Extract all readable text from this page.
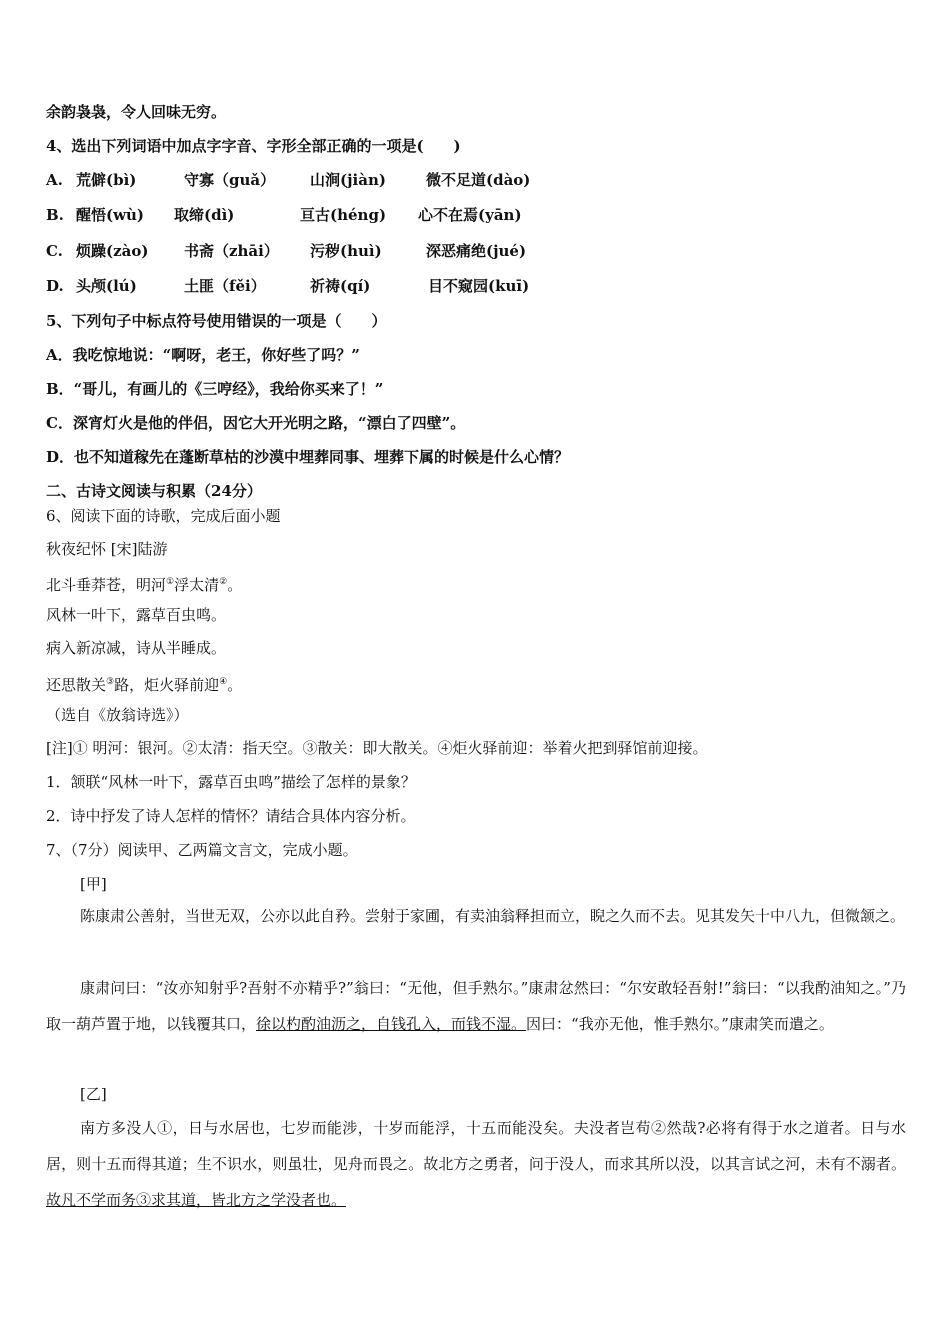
余韵袅袅，令人回味无穷。
4、选出下列词语中加点字字音、字形全部正确的一项是(　　)
A. 荒僻(bì)	守寡（guǎ） 山涧(jiàn)	微不足道(dào)
B. 醒悟(wù) 取缔(dì)	亘古(héng) 心不在焉(yān)
C. 烦躁(zào) 书斋（zhāi） 污秽(huì)	深恶痛绝(jué)
D. 头颅(lú)	土匪（fěi）	祈祷(qí)	目不窥园(kuī)
5、下列句子中标点符号使用错误的一项是（　　）
A．我吃惊地说：“啊呀，老王，你好些了吗？”
B．“哥儿，有画儿的《三哼经》，我给你买来了！”
C．深宵灯火是他的伴侣，因它大开光明之路，“漂白了四壁”。
D．也不知道稼先在蓬断草枯的沙漠中埋葬同事、埋葬下属的时候是什么心情？
二、古诗文阅读与积累（24分）
6、阅读下面的诗歌，完成后面小题
秋夜纪怀 [宋]陆游
北斗垂莽苍，明河①浮太清②。
风林一叶下，露草百虫鸣。
病入新凉减，诗从半睡成。
还思散关③路，炬火驿前迎④。
（选自《放翁诗选》）
[注]① 明河：银河。②太清：指天空。③散关：即大散关。④炬火驿前迎：举着火把到驿馆前迎接。
1．颔联“风林一叶下，露草百虫鸣”描绘了怎样的景象？
2．诗中抒发了诗人怎样的情怀？请结合具体内容分析。
7、（7分）阅读甲、乙两篇文言文，完成小题。
[甲]
陈康肃公善射，当世无双，公亦以此自矜。尝射于家圃，有卖油翁释担而立，睨之久而不去。见其发矢十中八九，但微颔之。
康肃问曰：“汝亦知射乎?吾射不亦精乎?”翁曰：“无他，但手熟尔。”康肃忿然曰：“尔安敢轻吾射!”翁曰：“以我酌油知之。”乃取一葫芦置于地，以钱覆其口，徐以杓酌油沥之，自钱孔入，而钱不湿。因曰：“我亦无他，惟手熟尔。”康肃笑而遣之。
[乙]
南方多没人①，日与水居也，七岁而能涉，十岁而能浮，十五而能没矣。夫没者岂苟②然哉?必将有得于水之道者。日与水居，则十五而得其道；生不识水，则虽壮，见舟而畏之。故北方之勇者，问于没人，而求其所以没，以其言试之河，未有不溺者。故凡不学而务③求其道，皆北方之学没者也。
